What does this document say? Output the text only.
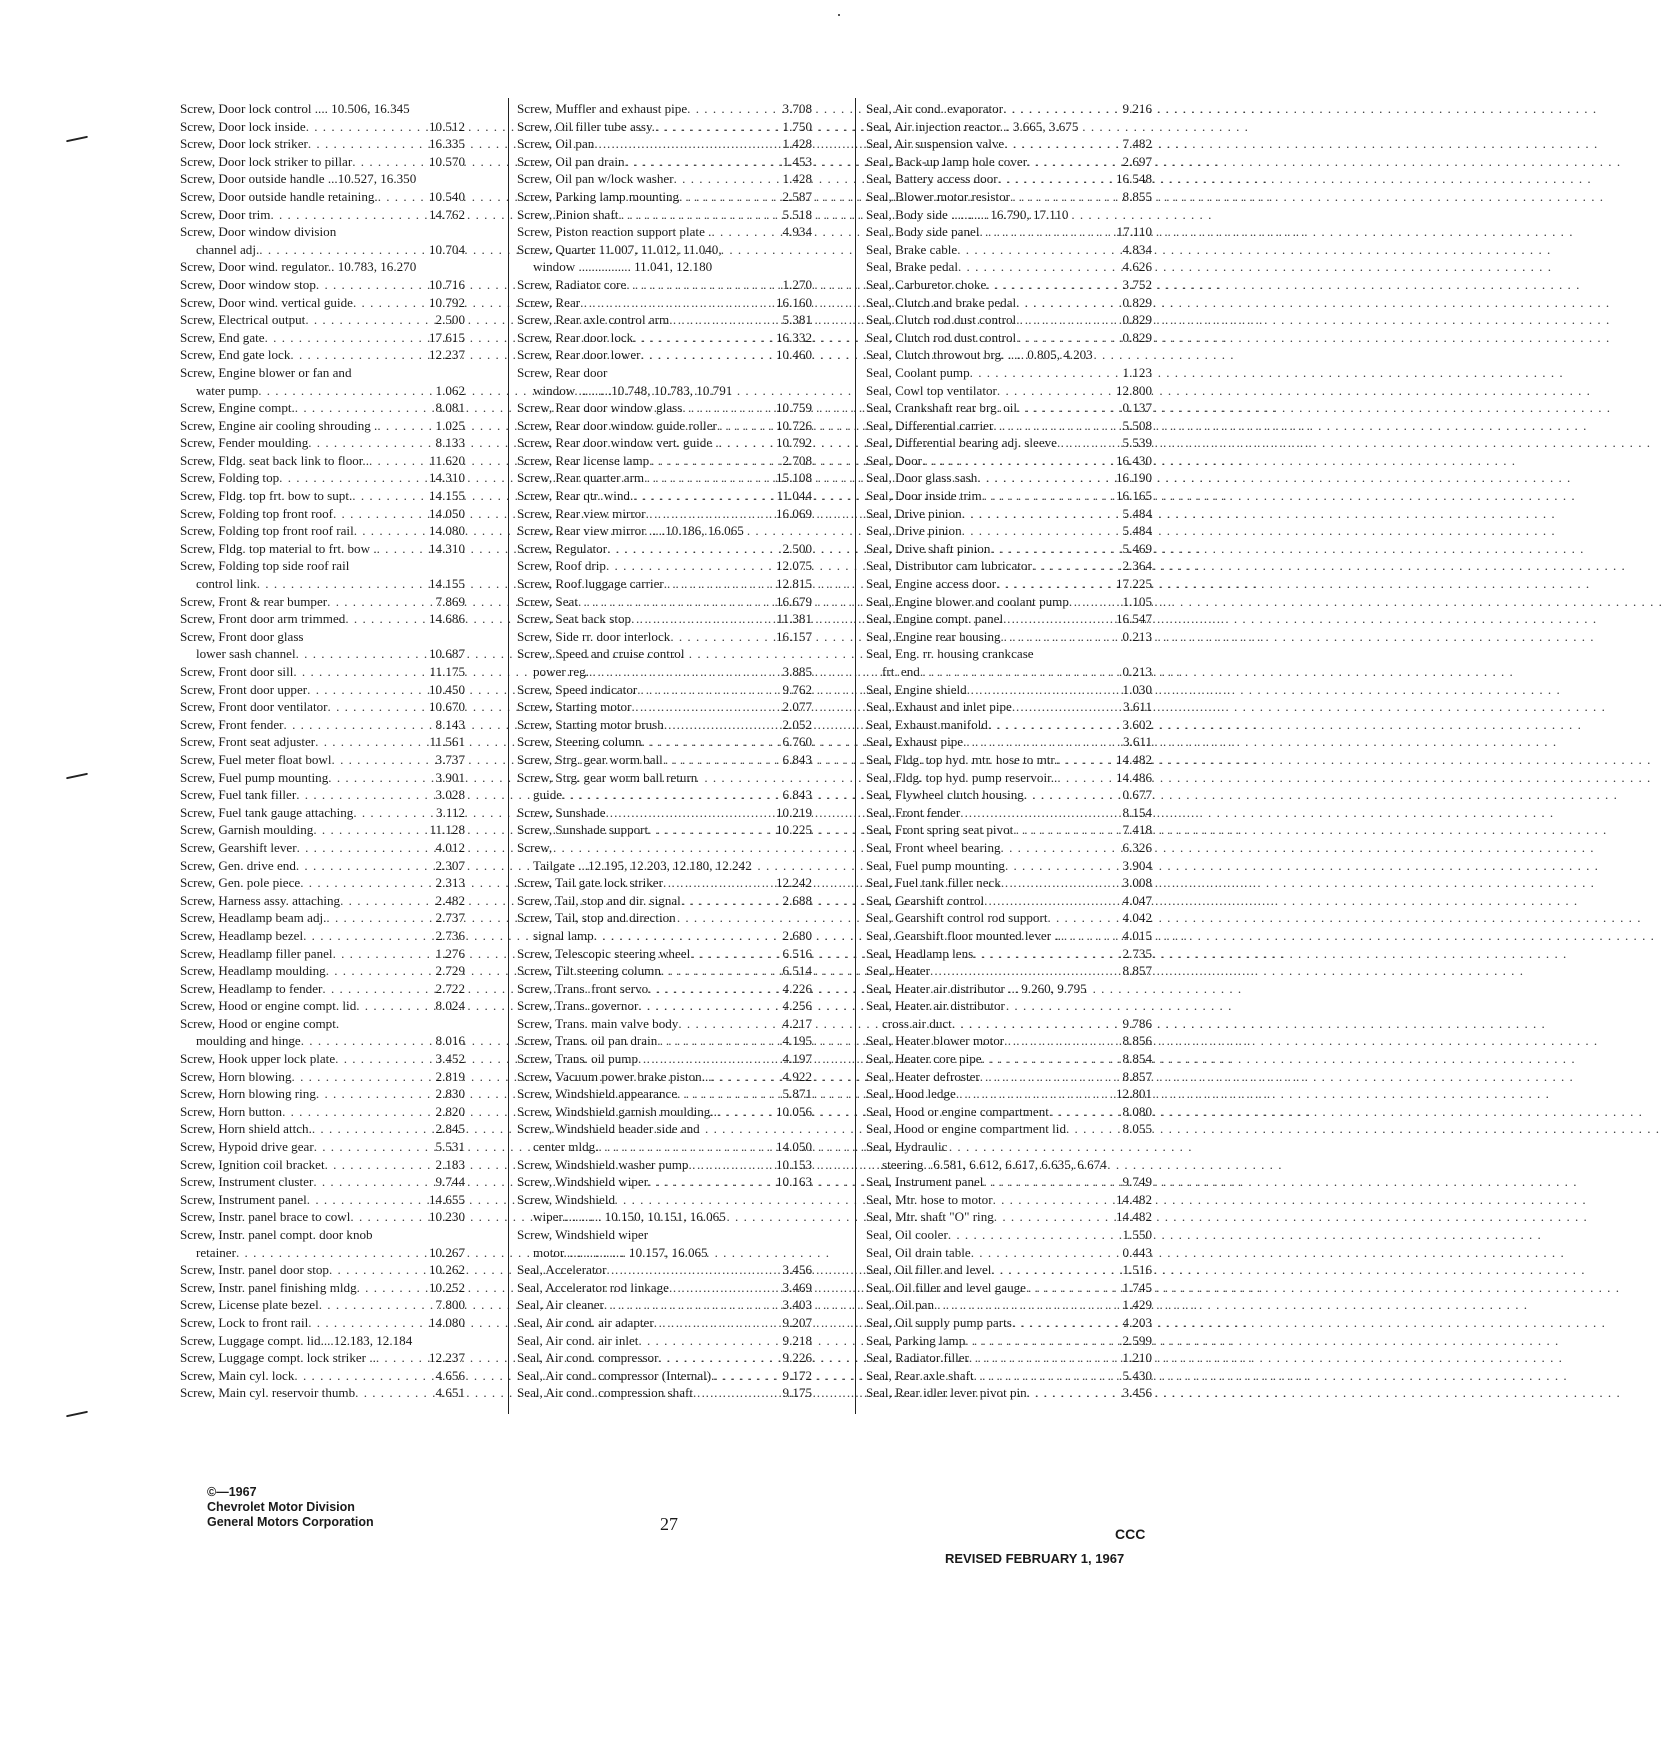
Screw, Door lock control .... 10.506, 16.345
Screw, Door lock inside . . .	10.512
Screw, Door lock striker . . .	16.335
Screw, Door lock striker to pillar . . .	10.570
Screw, Door outside handle ...10.527, 16.350
Screw, Door outside handle retaining. . . .	10.540
Screw, Door trim . . .	14.762
Screw, Door window division
channel adj. . . .	10.704
Screw, Door wind. regulator.. 10.783, 16.270
Screw, Door window stop . . .	10.716
Screw, Door wind. vertical guide . . .	10.792
Screw, Electrical output . . .	2.500
Screw, End gate . . .	17.615
Screw, End gate lock . . .	12.237
Screw, Engine blower or fan and
water pump . . .	1.062
Screw, Engine compt. . . .	8.081
Screw, Engine air cooling shrouding . . . .	1.025
Screw, Fender moulding . . .	8.133
Screw, Fldg. seat back link to floor.. . . .	11.620
Screw, Folding top . . .	14.310
Screw, Fldg. top frt. bow to supt. . . .	14.155
Screw, Folding top front roof . . .	14.050
Screw, Folding top front roof rail . . .	14.080
Screw, Fldg. top material to frt. bow . . . .	14.310
Screw, Folding top side roof rail
control link . . .	14.155
Screw, Front & rear bumper . . .	7.869
Screw, Front door arm trimmed . . .	14.686
Screw, Front door glass
lower sash channel . . .	10.687
Screw, Front door sill . . .	11.175
Screw, Front door upper . . .	10.450
Screw, Front door ventilator . . .	10.670
Screw, Front fender . . .	8.143
Screw, Front seat adjuster . . .	11.561
Screw, Fuel meter float bowl . . .	3.737
Screw, Fuel pump mounting . . .	3.901
Screw, Fuel tank filler . . .	3.028
Screw, Fuel tank gauge attaching . . .	3.112
Screw, Garnish moulding . . .	11.128
Screw, Gearshift lever . . .	4.012
Screw, Gen. drive end . . .	2.307
Screw, Gen. pole piece . . .	2.313
Screw, Harness assy. attaching . . .	2.482
Screw, Headlamp beam adj. . . .	2.737
Screw, Headlamp bezel . . .	2.736
Screw, Headlamp filler panel . . .	1.276
Screw, Headlamp moulding . . .	2.729
Screw, Headlamp to fender . . .	2.722
Screw, Hood or engine compt. lid . . .	8.024
Screw, Hood or engine compt.
moulding and hinge . . .	8.016
Screw, Hook upper lock plate . . .	3.452
Screw, Horn blowing . . .	2.819
Screw, Horn blowing ring . . .	2.830
Screw, Horn button . . .	2.820
Screw, Horn shield attch. . . .	2.845
Screw, Hypoid drive gear . . .	5.531
Screw, Ignition coil bracket . . .	2.183
Screw, Instrument cluster . . .	9.744
Screw, Instrument panel . . .	14.655
Screw, Instr. panel brace to cowl . . .	10.230
Screw, Instr. panel compt. door knob
retainer . . .	10.267
Screw, Instr. panel door stop . . .	10.262
Screw, Instr. panel finishing mldg . . .	10.252
Screw, License plate bezel . . .	7.800
Screw, Lock to front rail . . .	14.080
Screw, Luggage compt. lid....12.183, 12.184
Screw, Luggage compt. lock striker .. . . .	12.237
Screw, Main cyl. lock . . .	4.656
Screw, Main cyl. reservoir thumb . . .	4.651
Screw, Muffler and exhaust pipe . . .	3.708
Screw, Oil filler tube assy. . . .	1.750
Screw, Oil pan . . .	1.428
Screw, Oil pan drain . . .	1.453
Screw, Oil pan w/lock washer . . .	1.428
Screw, Parking lamp mounting . . .	2.587
Screw, Pinion shaft . . .	5.518
Screw, Piston reaction support plate . . . .	4.934
Screw, Quarter 11.007, 11.012, 11.040,
window ................ 11.041, 12.180
Screw, Radiator core . . .	1.270
Screw, Rear . . .	16.160
Screw, Rear axle control arm . . .	5.381
Screw, Rear door lock . . .	16.332
Screw, Rear door lower . . .	10.460
Screw, Rear door
window ..........10.748, 10.783, 10.791
Screw, Rear door window glass . . .	10.759
Screw, Rear door window guide roller . . .	10.726
Screw, Rear door window vert. guide . . . .	10.792
Screw, Rear license lamp . . .	2.708
Screw, Rear quarter arm . . .	15.108
Screw, Rear qtr. wind. . . .	11.044
Screw, Rear view mirror . . .	16.069
Screw, Rear view mirror .....10.186, 16.065
Screw, Regulator . . .	2.500
Screw, Roof drip . . .	12.075
Screw, Roof luggage carrier . . .	12.815
Screw, Seat . . .	16.679
Screw, Seat back stop . . .	11.381
Screw, Side rr. door interlock . . .	16.157
Screw, Speed and cruise control
power reg. . . .	3.885
Screw, Speed indicator . . .	9.762
Screw, Starting motor . . .	2.077
Screw, Starting motor brush . . .	2.052
Screw, Steering column . . .	6.760
Screw, Strg. gear worm ball . . .	6.843
Screw, Strg. gear worm ball return
guide . . .	6.843
Screw, Sunshade . . .	10.219
Screw, Sunshade support . . .	10.225
Screw,
Tailgate ...12.195, 12.203, 12.180, 12.242
Screw, Tail gate lock striker . . .	12.242
Screw, Tail, stop and dir. signal . . .	2.688
Screw, Tail, stop and direction
signal lamp . . .	2.680
Screw, Telescopic steering wheel . . .	6.516
Screw, Tilt steering column . . .	6.514
Screw, Trans. front servo . . .	4.226
Screw, Trans. governor . . .	4.256
Screw, Trans. main valve body . . .	4.217
Screw, Trans. oil pan drain . . .	4.195
Screw, Trans. oil pump . . .	4.197
Screw, Vacuum power brake piston... . . .	4.922
Screw, Windshield appearance . . .	5.871
Screw, Windshield garnish moulding.. . . .	10.056
Screw, Windshield header side and
center mldg. . . .	14.050
Screw, Windshield washer pump . . .	10.153
Screw, Windshield wiper . . .	10.163
Screw, Windshield
wiper............ 10.150, 10.151, 16.065
Screw, Windshield wiper
motor................... 10.157, 16.065
Seal, Accelerator . . .	3.456
Seal, Accelerator rod linkage . . .	3.469
Seal, Air cleaner . . .	3.403
Seal, Air cond. air adapter . . .	9.207
Seal, Air cond. air inlet . . .	9.218
Seal, Air cond. compressor . . .	9.226
Seal, Air cond. compressor (Internal). . . .	9.172
Seal, Air cond. compression shaft . . .	9.175
Seal, Air cond. evaporator . . .	9.216
Seal, Air injection reactor... 3.665, 3.675
Seal, Air suspension valve . . .	7.482
Seal, Back-up lamp hole cover . . .	2.697
Seal, Battery access door . . .	16.548
Seal, Blower motor resistor . . .	8.855
Seal, Body side ........... 16.790, 17.110
Seal, Body side panel . . .	17.110
Seal, Brake cable . . .	4.834
Seal, Brake pedal . . .	4.626
Seal, Carburetor choke . . .	3.752
Seal, Clutch and brake pedal . . .	0.829
Seal, Clutch rod dust control . . .	0.829
Seal, Clutch rod dust control . . .	0.829
Seal, Clutch throwout brg. ..... 0.805, 4.203
Seal, Coolant pump . . .	1.123
Seal, Cowl top ventilator . . .	12.800
Seal, Crankshaft rear brg. oil . . .	0.137
Seal, Differential carrier . . .	5.508
Seal, Differential bearing adj. sleeve . . .	5.539
Seal, Door . . .	16.430
Seal, Door glass sash . . .	16.190
Seal, Door inside trim . . .	16.165
Seal, Drive pinion . . .	5.484
Seal, Drive pinion . . .	5.484
Seal, Drive shaft pinion . . .	5.469
Seal, Distributor cam lubricator . . .	2.364
Seal, Engine access door . . .	17.225
Seal, Engine blower and coolant pump . . .	1.105
Seal, Engine compt. panel . . .	16.547
Seal, Engine rear housing . . .	0.213
Seal, Eng. rr. housing crankcase
frt. end . . .	0.213
Seal, Engine shield . . .	1.030
Seal, Exhaust and inlet pipe . . .	3.611
Seal, Exhaust manifold . . .	3.602
Seal, Exhaust pipe . . .	3.611
Seal, Fldg. top hyd. mtr. hose to mtr. . . .	14.482
Seal, Fldg. top hyd. pump reservoir.. . . .	14.486
Seal, Flywheel clutch housing . . .	0.677
Seal, Front fender . . .	8.154
Seal, Front spring seat pivot . . .	7.418
Seal, Front wheel bearing . . .	6.326
Seal, Fuel pump mounting . . .	3.904
Seal, Fuel tank filler neck . . .	3.008
Seal, Gearshift control . . .	4.047
Seal, Gearshift control rod support . . .	4.042
Seal, Gearshift floor mounted lever .. . . .	4.015
Seal, Headlamp lens . . .	2.735
Seal, Heater . . .	8.857
Seal, Heater air distributor ... 9.260, 9.795
Seal, Heater air distributor
cross air duct . . .	9.786
Seal, Heater blower motor . . .	8.856
Seal, Heater core pipe . . .	8.854
Seal, Heater defroster . . .	8.857
Seal, Hood ledge . . .	12.801
Seal, Hood or engine compartment . . .	8.080
Seal, Hood or engine compartment lid . . .	8.055
Seal, Hydraulic
steering. .6.581, 6.612, 6.617, 6.635, 6.674
Seal, Instrument panel . . .	9.749
Seal, Mtr. hose to motor . . .	14.482
Seal, Mtr. shaft "O" ring . . .	14.482
Seal, Oil cooler . . .	1.550
Seal, Oil drain table . . .	0.443
Seal, Oil filler and level . . .	1.516
Seal, Oil filler and level gauge . . .	1.745
Seal, Oil pan . . .	1.429
Seal, Oil supply pump parts . . .	4.203
Seal, Parking lamp . . .	2.599
Seal, Radiator filler . . .	1.210
Seal, Rear axle shaft . . .	5.430
Seal, Rear idler lever pivot pin . . .	3.456
©—1967
Chevrolet Motor Division
General Motors Corporation	27	CCC
REVISED FEBRUARY 1, 1967
